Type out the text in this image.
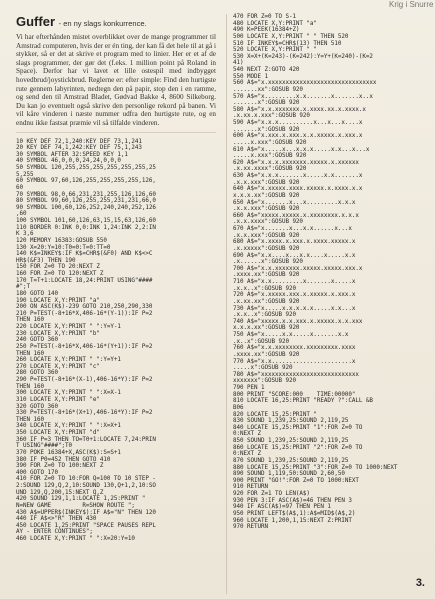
Guffer - en ny slags konkurrence.
Vi har efterhånden mistet overblikket over de mange programmer til Amstrad computeren, hvis der er én ting, der kan få det hele til at gå i stykker, så er det at skrive et program med to linier. Her er et af de slags programmer, der gør det (f.eks. 1 million point på Roland in Space). Derfor har vi lavet et lille ostespil med indbygget hovedbrud/joystickbrud. Reglerne er: efter simple: Find den hurtigste rute gennem labyrinten, nedtegn den på papir, stop den i en ramme, og send den til Amstrad Bladet, Gødvad Bakke 4, 8600 Silkeborg. Du kan jo eventuelt også skrive den personlige rekord på banen. Vi vil kåre vinderen i næste nummer udfra den hurtigste rute, og en endnu ikke fastsat præmie vil så tilfalde vinderen.
10 KEY DEF 72,1,240:KEY DEF 73,1,241
20 KEY DEF 74,1,242:KEY DEF 75,1,243
30 SYMBOL AFTER 32:SPEED KEY 1,1
40 SYMBOL 46,0,0,0,24,24,0,0,0
50 SYMBOL 120,255,255,255,255,255,255,25
5,255
60 SYMBOL 97,60,126,255,255,255,255,126,
60
70 SYMBOL 98,0,66,231,231,255,126,126,60
80 SYMBOL 99,60,126,255,255,231,231,66,0
90 SYMBOL 100,60,126,252,240,240,252,126
,60
100 SYMBOL 101,60,126,63,15,15,63,126,60
110 BORDER 0:INK 0,0:INK 1,24:INK 2,2:IN
K 3,6
120 MEMORY 16383:GOSUB 550
130 X=20:Y=10:T0=0:T=0:TT=0
140 K$=INKEY$:IF K$=CHR$(&F0) AND K$<>C
HR$(&F3) THEN 190
150 FOR Z=0 TO 20:NEXT Z
160 FOR Z=0 TO 120:NEXT Z
170 T=T+1:LOCATE 18,24:PRINT USING"####
#";T
180 GOTO 140
190 LOCATE X,Y:PRINT "a"
200 ON ASC(K$)-239 GOTO 210,250,290,330
210 P=TEST(-8+16*X,406-16*(Y-1)):IF P=2
THEN 160
220 LOCATE X,Y:PRINT " ":Y=Y-1
230 LOCATE X,Y:PRINT "b"
240 GOTO 360
250 P=TEST(-8+16*X,406-16*(Y+1)):IF P=2
THEN 160
260 LOCATE X,Y:PRINT " ":Y=Y+1
270 LOCATE X,Y:PRINT "c"
280 GOTO 360
290 P=TEST(-8+16*(X-1),406-16*Y):IF P=2
THEN 160
300 LOCATE X,Y:PRINT " ":X=X-1
310 LOCATE X,Y:PRINT "e"
320 GOTO 360
330 P=TEST(-8+16*(X+1),406-16*Y):IF P=2
THEN 160
340 LOCATE X,Y:PRINT " ":X=X+1
350 LOCATE X,Y:PRINT "d"
360 IF P=3 THEN TO=T0+1:LOCATE 7,24:PRIN
T USING"####";T0
370 POKE 16384+X,ASC(K$):S=S+1
380 IF P0=452 THEN GOTO 410
390 FOR Z=0 TO 100:NEXT Z
400 GOTO 170
410 FOR Z=0 TO 10:FOR Q=100 TO 10 STEP -
2:SOUND 129,Q,2,10:SOUND 130,Q+1,2,10:SO
UND 129,Q,200,15:NEXT Q,Z
420 SOUND 129,1,1:LOCATE 1,25:PRINT "
N=NEW GAME         R=SHOW ROUTE ";
430 A$=UPPER$(INKEY$):IF A$="N" THEN 120
440 IF A$<>"R" THEN 430
450 LOCATE 1,25:PRINT "SPACE PAUSES REPL
AY - ENTER CONTINUES";
460 LOCATE X,Y:PRINT " ":X=20:Y=10
470 FOR Z=0 TO S-1
480 LOCATE X,Y:PRINT "a"
490 K=PEEK(16384+Z)
500 LOCATE X,Y:PRINT " " THEN 520
510 IF INKEY$=CHR$(13) THEN 510
520 LOCATE X,Y:PRINT " "
530 X=X+(K=243)-(K=242):Y=Y+(K=240)-(K=2
41)
540 NEXT Z:GOTO 420
550 MODE 1
560 A$="x.xxxxxxxxxxxxxxxxxxxxxxxxxxxxxxx
.......xx":GOSUB 920
570 A$="x.........x.x.......x.......x..x
.......x":GOSUB 920
580 A$="x.x.xxxxxxx.x.xxxx.xx.x.xxxx.x
.x.xx.x.xxx":GOSUB 920
590 A$="x.x.x..........x...x...x....x
.......x":GOSUB 920
600 A$="x.xxx.x.xxx.x.x.xxxxx.x.xxx.x
.....x.xxx":GOSUB 920
610 A$="x.....x...x.x.x.....x.x...x...x
.....x.xxx":GOSUB 920
620 A$="x.x.x.xxxxxxx.xxxxx.x.xxxxxx
.x.xx.xxxx":GOSUB 920
630 A$="x.x.x.......x.....x.x.......x
.x.x.xxx":GOSUB 920
640 A$="x.xxxxx.xxxx.xxxxx.x.xxxx.x.x
x.x.x.xx":GOSUB 920
650 A$="x.......x...x.........x.x.x
.x.x.xxx":GOSUB 920
660 A$="xxxxx.xxxxx.x.xxxxxxxx.x.x.x
.x.x.xxxx":GOSUB 920
670 A$="x.......x...x.x......x...x
.x.x.xxx":GOSUB 920
680 A$="x.xxxx.x.xxx.x.xxxx.xxxxx.x
.x.xxxxx":GOSUB 920
690 A$="x.x....x...x.x....x.....x.x
.x......x":GOSUB 920
700 A$="x.x.xxxxxxx.xxxxx.xxxxx.xxx.x
.xxxx.xx":GOSUB 920
710 A$="x.x.........x.......x.....x
.x.x..x":GOSUB 920
720 A$="x.xxxxx.xxx.x.xxxxx.x.xxx.x
.x.xx.xx":GOSUB 920
730 A$="x.....x.x.x.x.x.....x.x...x
.x.x..x":GOSUB 920
740 A$="xxxxx.x.x.xxx.x.xxxxx.x.x.xxx
x.x.x.xx":GOSUB 920
750 A$="x.....x.x.....x.......x.x
.x..x":GOSUB 920
760 A$="x.x.xxxxxxxx.xxxxxxxxx.xxxx
.xxxx.xx":GOSUB 920
770 A$="x.x.......................x
.....x":GOSUB 920
780 A$="xxxxxxxxxxxxxxxxxxxxxxxxxxxx
xxxxxxx":GOSUB 920
790 PEN 1
800 PRINT "SCORE:000    TIME:00000"
810 LOCATE 16,25:PRINT "READY ?":CALL &B
B06
820 LOCATE 15,25:PRINT "
830 SOUND 1,239,25:SOUND 2,119,25
840 LOCATE 15,25:PRINT "1":FOR Z=0 TO
0:NEXT Z
850 SOUND 1,239,25:SOUND 2,119,25
860 LOCATE 15,25:PRINT "2":FOR Z=0 TO
0:NEXT Z
870 SOUND 1,239,25:SOUND 2,119,25
880 LOCATE 15,25:PRINT "3":FOR Z=0 TO 1000:NEXT
890 SOUND 1,119,50:SOUND 2,60,50
900 PRINT "GO!":FOR Z=0 TO 1000:NEXT
910 RETURN
920 FOR Z=1 TO LEN(A$)
930 PEN 3:IF ASC(A$)=46 THEN PEN 3
940 IF ASC(A$)=97 THEN PEN 1
950 PRINT LEFT$(A$,1):A$=MID$(A$,2)
960 LOCATE 1,200,1,15:NEXT Z:PRINT
970 RETURN
Krig i Snurre
3.
